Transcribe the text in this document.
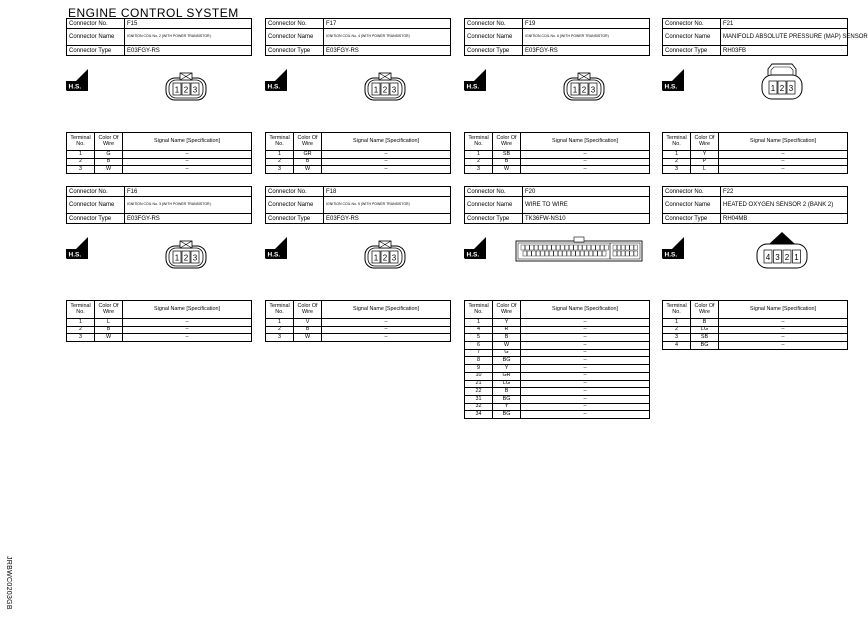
ENGINE CONTROL SYSTEM
Connector No.	F15
Connector Name	IGNITION COIL No. 2 (WITH POWER TRANSISTOR)
Connector Type	E03FGY-RS
H.S.	1 2 3
Terminal No.	Color Of Wire	Signal Name [Specification]
1	G	–
2	B	–
3	W	–
Connector No.	F17
Connector Name	IGNITION COIL No. 4 (WITH POWER TRANSISTOR)
Connector Type	E03FGY-RS
H.S.	1 2 3
Terminal No.	Color Of Wire	Signal Name [Specification]
1	GR	–
2	B	–
3	W	–
Connector No.	F19
Connector Name	IGNITION COIL No. 6 (WITH POWER TRANSISTOR)
Connector Type	E03FGY-RS
H.S.	1 2 3
Terminal No.	Color Of Wire	Signal Name [Specification]
1	SB	–
2	B	–
3	W	–
Connector No.	F21
Connector Name	MANIFOLD ABSOLUTE PRESSURE (MAP) SENSOR
Connector Type	RH03FB
H.S.	1 2 3
Terminal No.	Color Of Wire	Signal Name [Specification]
1	Y	–
2	P	–
3	L	–
Connector No.	F16
Connector Name	IGNITION COIL No. 3 (WITH POWER TRANSISTOR)
Connector Type	E03FGY-RS
H.S.	1 2 3
Terminal No.	Color Of Wire	Signal Name [Specification]
1	L	–
2	B	–
3	W	–
Connector No.	F18
Connector Name	IGNITION COIL No. 5 (WITH POWER TRANSISTOR)
Connector Type	E03FGY-RS
H.S.	1 2 3
Terminal No.	Color Of Wire	Signal Name [Specification]
1	V	–
2	B	–
3	W	–
Connector No.	F20
Connector Name	WIRE TO WIRE
Connector Type	TK36FW-NS10
H.S.
Terminal No.	Color Of Wire	Signal Name [Specification]
1	Y	–
4	R	–
5	B	–
6	W	–
7	G	–
8	BG	–
9	Y	–
10	GR	–
21	LG	–
22	B	–
31	BG	–
32	Y	–
34	BG	–
Connector No.	F22
Connector Name	HEATED OXYGEN SENSOR 2 (BANK 2)
Connector Type	RH04MB
H.S.	4 3 2 1
Terminal No.	Color Of Wire	Signal Name [Specification]
1	B	–
2	LG	–
3	SB	–
4	BG	–
JRBWC0203GB
